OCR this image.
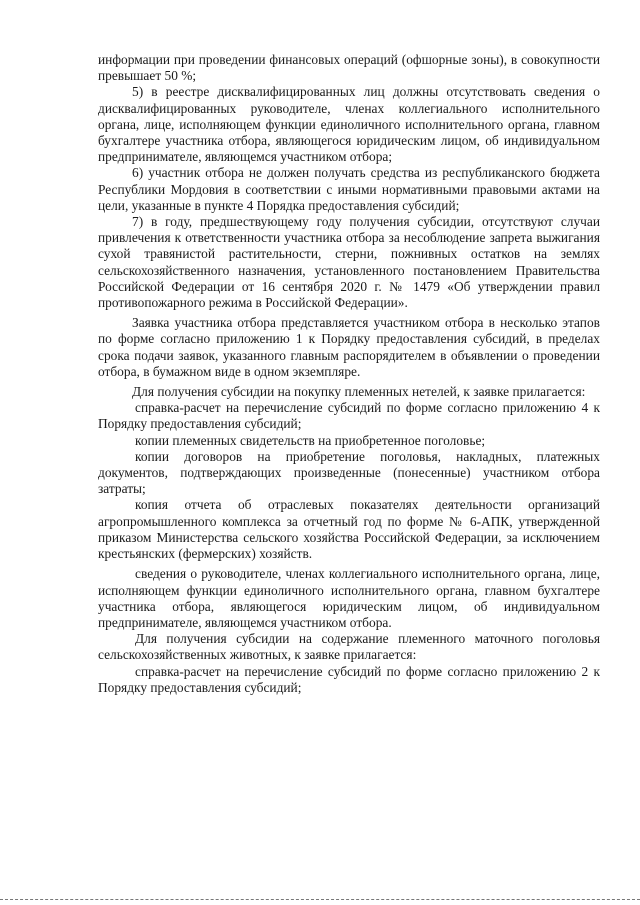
информации при проведении финансовых операций (офшорные зоны), в совокупности превышает 50 %;

5) в реестре дисквалифицированных лиц должны отсутствовать сведения о дисквалифицированных руководителе, членах коллегиального исполнительного органа, лице, исполняющем функции единоличного исполнительного органа, главном бухгалтере участника отбора, являющегося юридическим лицом, об индивидуальном предпринимателе, являющемся участником отбора;

6) участник отбора не должен получать средства из республиканского бюджета Республики Мордовия в соответствии с иными нормативными правовыми актами на цели, указанные в пункте 4 Порядка предоставления субсидий;

7) в году, предшествующему году получения субсидии, отсутствуют случаи привлечения к ответственности участника отбора за несоблюдение запрета выжигания сухой травянистой растительности, стерни, пожнивных остатков на землях сельскохозяйственного назначения, установленного постановлением Правительства Российской Федерации от 16 сентября 2020 г. № 1479 «Об утверждении правил противопожарного режима в Российской Федерации».

Заявка участника отбора представляется участником отбора в несколько этапов по форме согласно приложению 1 к Порядку предоставления субсидий, в пределах срока подачи заявок, указанного главным распорядителем в объявлении о проведении отбора, в бумажном виде в одном экземпляре.

Для получения субсидии на покупку племенных нетелей, к заявке прилагается:

справка-расчет на перечисление субсидий по форме согласно приложению 4 к Порядку предоставления субсидий;

копии племенных свидетельств на приобретенное поголовье;

копии договоров на приобретение поголовья, накладных, платежных документов, подтверждающих произведенные (понесенные) участником отбора затраты;

копия отчета об отраслевых показателях деятельности организаций агропромышленного комплекса за отчетный год по форме № 6-АПК, утвержденной приказом Министерства сельского хозяйства Российской Федерации, за исключением крестьянских (фермерских) хозяйств.

сведения о руководителе, членах коллегиального исполнительного органа, лице, исполняющем функции единоличного исполнительного органа, главном бухгалтере участника отбора, являющегося юридическим лицом, об индивидуальном предпринимателе, являющемся участником отбора.

Для получения субсидии на содержание племенного маточного поголовья сельскохозяйственных животных, к заявке прилагается:

справка-расчет на перечисление субсидий по форме согласно приложению 2 к Порядку предоставления субсидий;
